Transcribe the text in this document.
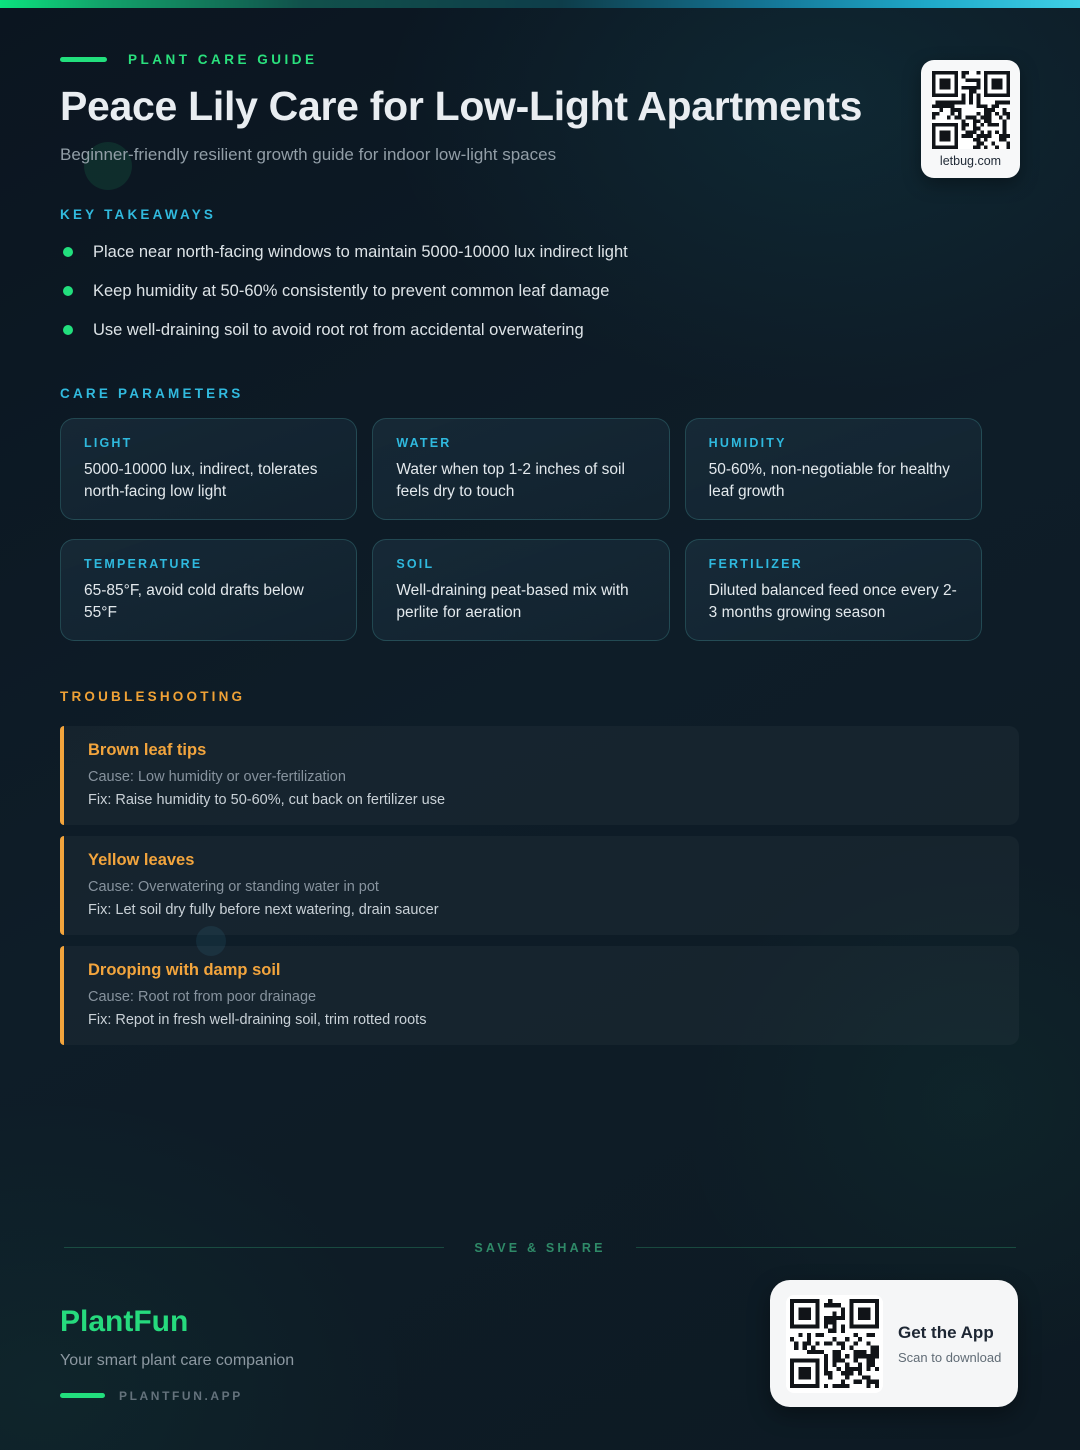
letbug.com
PLANT CARE GUIDE
Peace Lily Care for Low-Light Apartments
Beginner-friendly resilient growth guide for indoor low-light spaces
KEY TAKEAWAYS
Place near north-facing windows to maintain 5000-10000 lux indirect light
Keep humidity at 50-60% consistently to prevent common leaf damage
Use well-draining soil to avoid root rot from accidental overwatering
CARE PARAMETERS
LIGHT
5000-10000 lux, indirect, tolerates north-facing low light
WATER
Water when top 1-2 inches of soil feels dry to touch
HUMIDITY
50-60%, non-negotiable for healthy leaf growth
TEMPERATURE
65-85°F, avoid cold drafts below 55°F
SOIL
Well-draining peat-based mix with perlite for aeration
FERTILIZER
Diluted balanced feed once every 2-3 months growing season
TROUBLESHOOTING
Brown leaf tips
Cause: Low humidity or over-fertilization
Fix: Raise humidity to 50-60%, cut back on fertilizer use
Yellow leaves
Cause: Overwatering or standing water in pot
Fix: Let soil dry fully before next watering, drain saucer
Drooping with damp soil
Cause: Root rot from poor drainage
Fix: Repot in fresh well-draining soil, trim rotted roots
SAVE & SHARE
PlantFun
Your smart plant care companion
PLANTFUN.APP
Get the App
Scan to download
